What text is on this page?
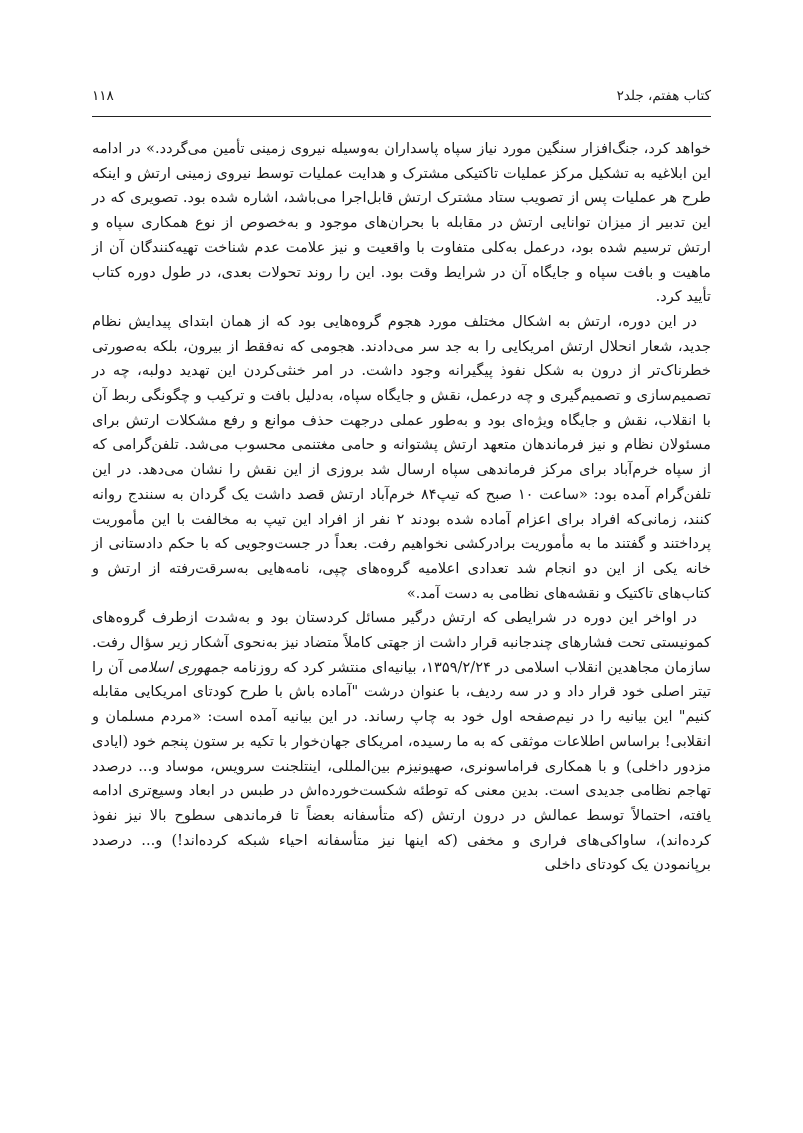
کتاب هفتم، جلد۲
۱۱۸

خواهد کرد، جنگ‌افزار سنگین مورد نیاز سپاه پاسداران به‌وسیله نیروی زمینی تأمین می‌گردد.» در ادامه این ابلاغیه به تشکیل مرکز عملیات تاکتیکی مشترک و هدایت عملیات توسط نیروی زمینی ارتش و اینکه طرح هر عملیات پس از تصویب ستاد مشترک ارتش قابل‌اجرا می‌باشد، اشاره شده بود. تصویری که در این تدبیر از میزان توانایی ارتش در مقابله با بحران‌های موجود و به‌خصوص از نوع همکاری سپاه و ارتش ترسیم شده بود، درعمل به‌کلی متفاوت با واقعیت و نیز علامت عدم شناخت تهیه‌کنندگان آن از ماهیت و بافت سپاه و جایگاه آن در شرایط وقت بود. این را روند تحولات بعدی، در طول دوره کتاب تأیید کرد.

در این دوره، ارتش به اشکال مختلف مورد هجوم گروه‌هایی بود که از همان ابتدای پیدایش نظام جدید، شعار انحلال ارتش امریکایی را به جد سر می‌دادند. هجومی که نه‌فقط از بیرون، بلکه به‌صورتی خطرناک‌تر از درون به شکل نفوذ پیگیرانه وجود داشت. در امر خنثی‌کردن این تهدید دولبه، چه در تصمیم‌سازی و تصمیم‌گیری و چه درعمل، نقش و جایگاه سپاه، به‌دلیل بافت و ترکیب و چگونگی ربط آن با انقلاب، نقش و جایگاه ویژه‌ای بود و به‌طور عملی درجهت حذف موانع و رفع مشکلات ارتش برای مسئولان نظام و نیز فرماندهان متعهد ارتش پشتوانه و حامی مغتنمی محسوب می‌شد. تلفن‌گرامی که از سپاه خرم‌آباد برای مرکز فرماندهی سپاه ارسال شد بروزی از این نقش را نشان می‌دهد. در این تلفن‌گرام آمده بود: «ساعت ۱۰ صبح که تیپ۸۴ خرم‌آباد ارتش قصد داشت یک گردان به سنندج روانه کنند، زمانی‌که افراد برای اعزام آماده شده بودند ۲ نفر از افراد این تیپ به مخالفت با این مأموریت پرداختند و گفتند ما به مأموریت برادرکشی نخواهیم رفت. بعداً در جست‌وجویی که با حکم دادستانی از خانه یکی از این دو انجام شد تعدادی اعلامیه گروه‌های چپی، نامه‌هایی به‌سرقت‌رفته از ارتش و کتاب‌های تاکتیک و نقشه‌های نظامی به دست آمد.»

در اواخر این دوره در شرایطی که ارتش درگیر مسائل کردستان بود و به‌شدت ازطرف گروه‌های کمونیستی تحت فشارهای چندجانبه قرار داشت از جهتی کاملاً متضاد نیز به‌نحوی آشکار زیر سؤال رفت. سازمان مجاهدین انقلاب اسلامی در ۱۳۵۹/۲/۲۴، بیانیه‌ای منتشر کرد که روزنامه جمهوری اسلامی آن را تیتر اصلی خود قرار داد و در سه ردیف، با عنوان درشت "آماده باش با طرح کودتای امریکایی مقابله کنیم" این بیانیه را در نیم‌صفحه اول خود به چاپ رساند. در این بیانیه آمده است: «مردم مسلمان و انقلابی! براساس اطلاعات موثقی که به ما رسیده، امریکای جهان‌خوار با تکیه بر ستون پنجم خود (ایادی مزدور داخلی) و با همکاری فراماسونری، صهیونیزم بین‌المللی، اینتلجنت سرویس، موساد و... درصدد تهاجم نظامی جدیدی است. بدین معنی که توطئه شکست‌خورده‌اش در طبس در ابعاد وسیع‌تری ادامه یافته، احتمالاً توسط عمالش در درون ارتش (که متأسفانه بعضاً تا فرماندهی سطوح بالا نیز نفوذ کرده‌اند)، ساواکی‌های فراری و مخفی (که اینها نیز متأسفانه احیاء شبکه کرده‌اند!) و... درصدد برپانمودن یک کودتای داخلی
